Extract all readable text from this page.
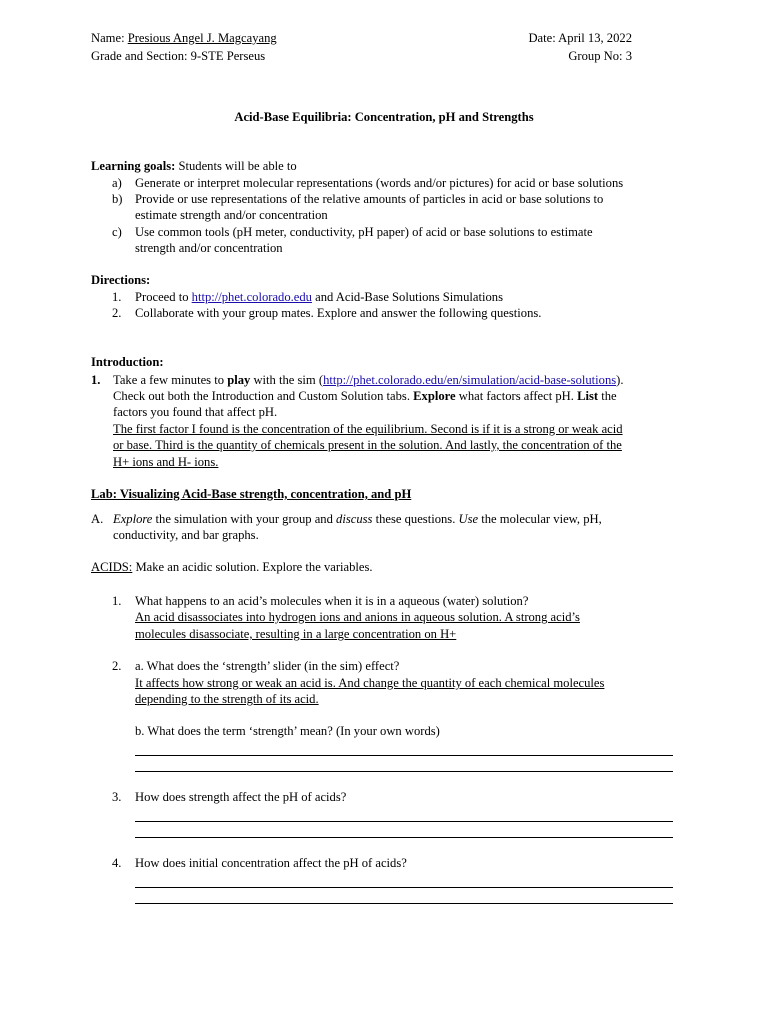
Name: Presious Angel J. Magcayang	Date: April 13, 2022
Grade and Section: 9-STE Perseus	Group No: 3
Acid-Base Equilibria: Concentration, pH and Strengths
Learning goals: Students will be able to
a) Generate or interpret molecular representations (words and/or pictures) for acid or base solutions
b) Provide or use representations of the relative amounts of particles in acid or base solutions to
estimate strength and/or concentration
c) Use common tools (pH meter, conductivity, pH paper) of acid or base solutions to estimate
strength and/or concentration
Directions:
1. Proceed to http://phet.colorado.edu and Acid-Base Solutions Simulations
2. Collaborate with your group mates. Explore and answer the following questions.
Introduction:
1. Take a few minutes to play with the sim (http://phet.colorado.edu/en/simulation/acid-base-solutions).
Check out both the Introduction and Custom Solution tabs. Explore what factors affect pH. List the
factors you found that affect pH.
The first factor I found is the concentration of the equilibrium. Second is if it is a strong or weak acid
or base. Third is the quantity of chemicals present in the solution. And lastly, the concentration of the
H+ ions and H- ions.
Lab: Visualizing Acid-Base strength, concentration, and pH
A. Explore the simulation with your group and discuss these questions. Use the molecular view, pH,
conductivity, and bar graphs.
ACIDS: Make an acidic solution. Explore the variables.
1. What happens to an acid’s molecules when it is in a aqueous (water) solution?
An acid disassociates into hydrogen ions and anions in aqueous solution. A strong acid’s
molecules disassociate, resulting in a large concentration on H+
2. a. What does the ‘strength’ slider (in the sim) effect?
It affects how strong or weak an acid is. And change the quantity of each chemical molecules
depending to the strength of its acid.
b. What does the term ‘strength’ mean? (In your own words)
3. How does strength affect the pH of acids?
4. How does initial concentration affect the pH of acids?
